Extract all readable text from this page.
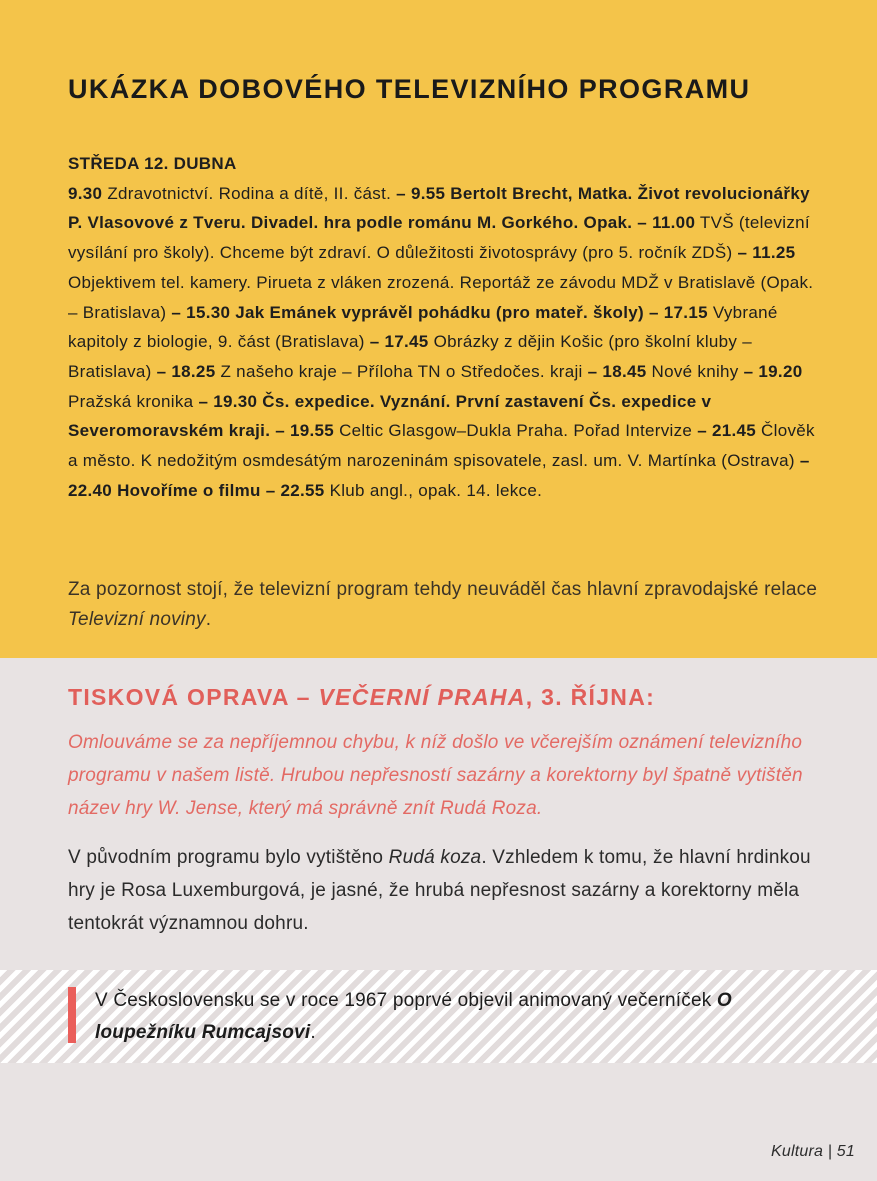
UKÁZKA DOBOVÉHO TELEVIZNÍHO PROGRAMU
STŘEDA 12. DUBNA
9.30 Zdravotnictví. Rodina a dítě, II. část. – 9.55 Bertolt Brecht, Matka. Život revolucionářky P. Vlasovové z Tveru. Divadel. hra podle románu M. Gorkého. Opak. – 11.00 TVŠ (televizní vysílání pro školy). Chceme být zdraví. O důležitosti životosprávy (pro 5. ročník ZDŠ) – 11.25 Objektivem tel. kamery. Pirueta z vláken zrozená. Reportáž ze závodu MDŽ v Bratislavě (Opak. – Bratislava) – 15.30 Jak Emánek vyprávěl pohádku (pro mateř. školy) – 17.15 Vybrané kapitoly z biologie, 9. část (Bratislava) – 17.45 Obrázky z dějin Košic (pro školní kluby – Bratislava) – 18.25 Z našeho kraje – Příloha TN o Středočes. kraji – 18.45 Nové knihy – 19.20 Pražská kronika – 19.30 Čs. expedice. Vyznání. První zastavení Čs. expedice v Severomoravském kraji. – 19.55 Celtic Glasgow–Dukla Praha. Pořad Intervize – 21.45 Člověk a město. K nedožitým osmdesátým narozeninám spisovatele, zasl. um. V. Martínka (Ostrava) – 22.40 Hovoříme o filmu – 22.55 Klub angl., opak. 14. lekce.
Za pozornost stojí, že televizní program tehdy neuváděl čas hlavní zpravodajské relace Televizní noviny.
TISKOVÁ OPRAVA – VEČERNÍ PRAHA, 3. ŘÍJNA:
Omlouváme se za nepříjemnou chybu, k níž došlo ve včerejším oznámení televizního programu v našem listě. Hrubou nepřesností sazárny a korektorny byl špatně vytištěn název hry W. Jense, který má správně znít Rudá Roza.
V původním programu bylo vytištěno Rudá koza. Vzhledem k tomu, že hlavní hrdinkou hry je Rosa Luxemburgová, je jasné, že hrubá nepřesnost sazárny a korektorny měla tentokrát významnou dohru.
V Československu se v roce 1967 poprvé objevil animovaný večerníček O loupežníku Rumcajsovi.
Kultura | 51
